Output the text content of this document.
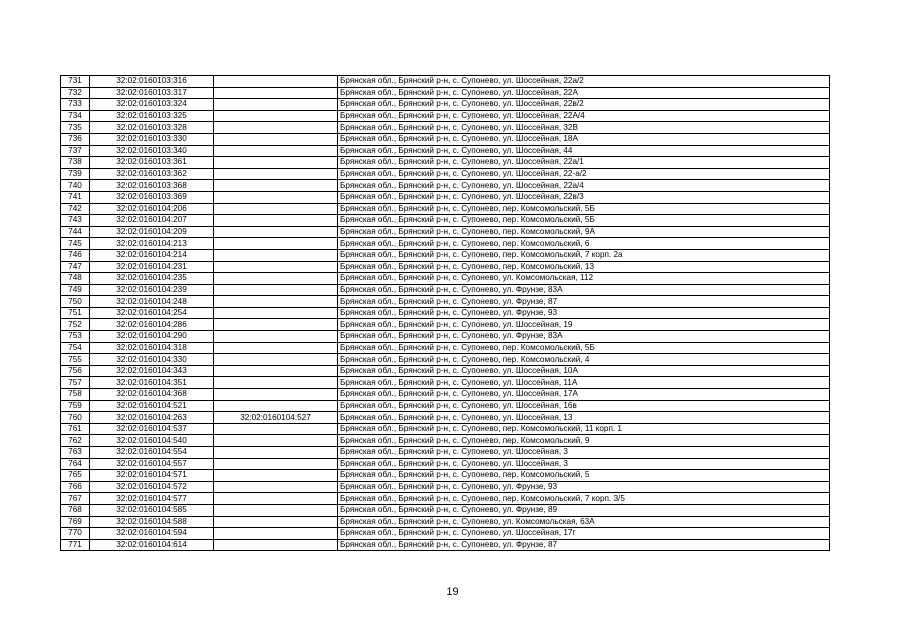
731	32:02:0160103:316		Брянская обл., Брянский р-н, с. Супонево, ул. Шоссейная, 22а/2
732	32:02:0160103:317		Брянская обл., Брянский р-н, с. Супонево, ул. Шоссейная, 22А
733	32:02:0160103:324		Брянская обл., Брянский р-н, с. Супонево, ул. Шоссейная, 22в/2
734	32:02:0160103:325		Брянская обл., Брянский р-н, с. Супонево, ул. Шоссейная, 22А/4
735	32:02:0160103:328		Брянская обл., Брянский р-н, с. Супонево, ул. Шоссейная, 32В
736	32:02:0160103:330		Брянская обл., Брянский р-н, с. Супонево, ул. Шоссейная, 18А
737	32:02:0160103:340		Брянская обл., Брянский р-н, с. Супонево, ул. Шоссейная, 44
738	32:02:0160103:361		Брянская обл., Брянский р-н, с. Супонево, ул. Шоссейная, 22а/1
739	32:02:0160103:362		Брянская обл., Брянский р-н, с. Супонево, ул. Шоссейная, 22-а/2
740	32:02:0160103:368		Брянская обл., Брянский р-н, с. Супонево, ул. Шоссейная, 22а/4
741	32:02:0160103:369		Брянская обл., Брянский р-н, с. Супонево, ул. Шоссейная, 22в/3
742	32:02:0160104:206		Брянская обл., Брянский р-н, с. Супонево, пер. Комсомольский, 5Б
743	32:02:0160104:207		Брянская обл., Брянский р-н, с. Супонево, пер. Комсомольский, 5Б
744	32:02:0160104:209		Брянская обл., Брянский р-н, с. Супонево, пер. Комсомольский, 9А
745	32:02:0160104:213		Брянская обл., Брянский р-н, с. Супонево, пер. Комсомольский, 6
746	32:02:0160104:214		Брянская обл., Брянский р-н, с. Супонево, пер. Комсомольский, 7 корп. 2а
747	32:02:0160104:231		Брянская обл., Брянский р-н, с. Супонево, пер. Комсомольский, 13
748	32:02:0160104:235		Брянская обл., Брянский р-н, с. Супонево, ул. Комсомольская, 112
749	32:02:0160104:239		Брянская обл., Брянский р-н, с. Супонево, ул. Фрунзе, 83А
750	32:02:0160104:248		Брянская обл., Брянский р-н, с. Супонево, ул. Фрунзе, 87
751	32:02:0160104:254		Брянская обл., Брянский р-н, с. Супонево, ул. Фрунзе, 93
752	32:02:0160104:286		Брянская обл., Брянский р-н, с. Супонево, ул. Шоссейная, 19
753	32:02:0160104:290		Брянская обл., Брянский р-н, с. Супонево, ул. Фрунзе, 83А
754	32:02:0160104:318		Брянская обл., Брянский р-н, с. Супонево, пер. Комсомольский, 5Б
755	32:02:0160104:330		Брянская обл., Брянский р-н, с. Супонево, пер. Комсомольский, 4
756	32:02:0160104:343		Брянская обл., Брянский р-н, с. Супонево, ул. Шоссейная, 10А
757	32:02:0160104:351		Брянская обл., Брянский р-н, с. Супонево, ул. Шоссейная, 11А
758	32:02:0160104:368		Брянская обл., Брянский р-н, с. Супонево, ул. Шоссейная, 17А
759	32:02:0160104:521		Брянская обл., Брянский р-н, с. Супонево, ул. Шоссейная, 16в
760	32:02:0160104:263	32:02:0160104:527	Брянская обл., Брянский р-н, с. Супонево, ул. Шоссейная, 13
761	32:02:0160104:537		Брянская обл., Брянский р-н, с. Супонево, пер. Комсомольский, 11 корп. 1
762	32:02:0160104:540		Брянская обл., Брянский р-н, с. Супонево, пер. Комсомольский, 9
763	32:02:0160104:554		Брянская обл., Брянский р-н, с. Супонево, ул. Шоссейная, 3
764	32:02:0160104:557		Брянская обл., Брянский р-н, с. Супонево, ул. Шоссейная, 3
765	32:02:0160104:571		Брянская обл., Брянский р-н, с. Супонево, пер. Комсомольский, 5
766	32:02:0160104:572		Брянская обл., Брянский р-н, с. Супонево, ул. Фрунзе, 93
767	32:02:0160104:577		Брянская обл., Брянский р-н, с. Супонево, пер. Комсомольский, 7 корп. 3/5
768	32:02:0160104:585		Брянская обл., Брянский р-н, с. Супонево, ул. Фрунзе, 89
769	32:02:0160104:588		Брянская обл., Брянский р-н, с. Супонево, ул. Комсомольская, 63А
770	32:02:0160104:594		Брянская обл., Брянский р-н, с. Супонево, ул. Шоссейная, 17г
771	32:02:0160104:614		Брянская обл., Брянский р-н, с. Супонево, ул. Фрунзе, 87
19
